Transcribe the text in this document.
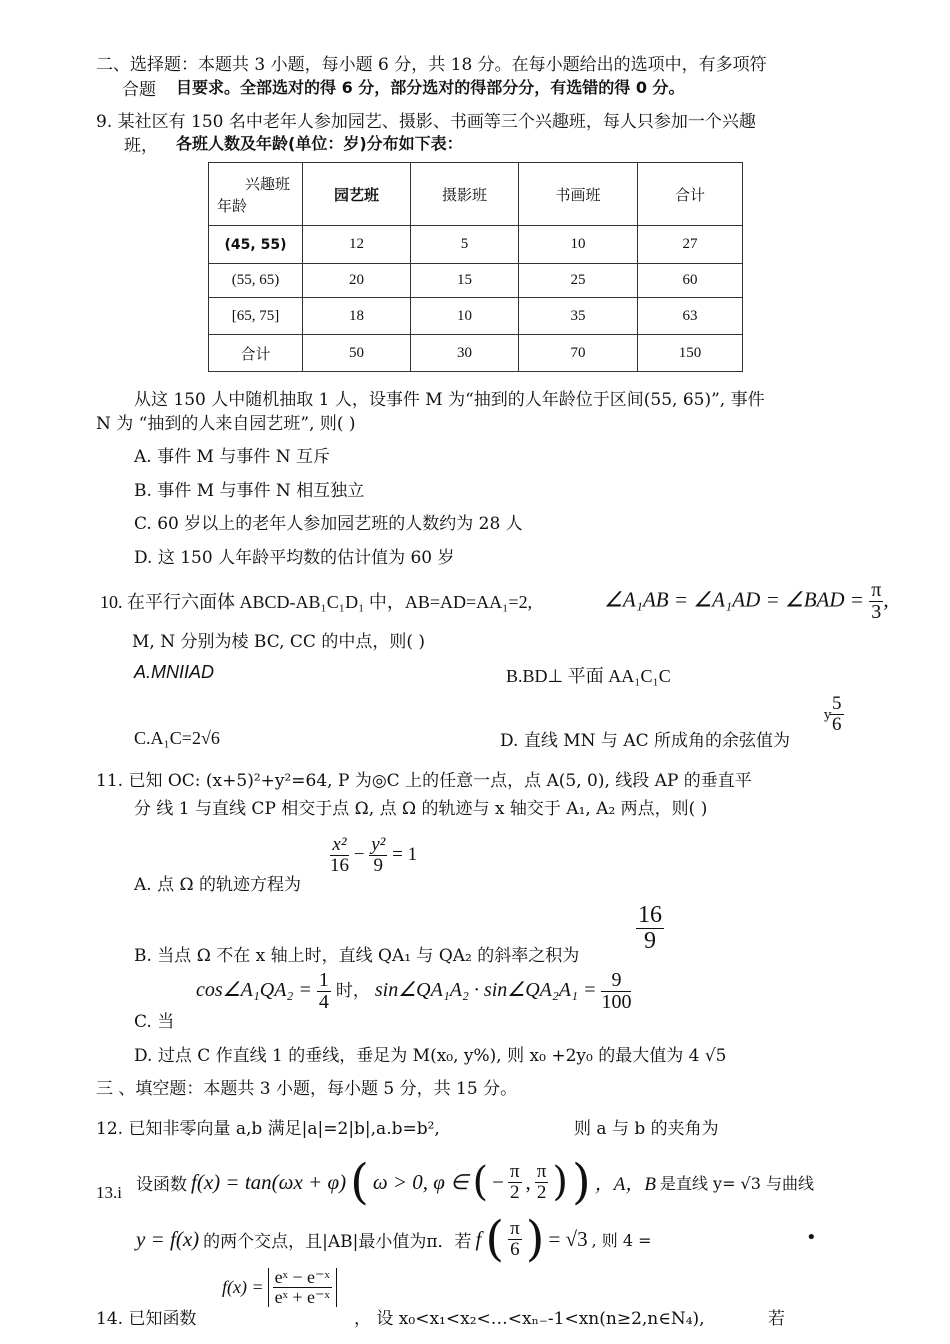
二、选择题：本题共 3 小题，每小题 6 分，共 18 分。在每小题给出的选项中，有多项符
合题 目要求。全部选对的得 6 分，部分选对的得部分分，有选错的得 0 分。
9. 某社区有 150 名中老年人参加园艺、摄影、书画等三个兴趣班，每人只参加一个兴趣
班， 各班人数及年龄(单位：岁)分布如下表：
兴趣班
年龄	园艺班	摄影班	书画班	合计
(45, 55)	12	5	10	27
(55, 65)	20	15	25	60
[65, 75]	18	10	35	63
合计	50	30	70	150
从这 150 人中随机抽取 1 人，设事件 M 为“抽到的人年龄位于区间(55, 65)”, 事件
N 为 “抽到的人来自园艺班”, 则( )
A. 事件 M 与事件 N 互斥
B. 事件 M 与事件 N 相互独立
C. 60 岁以上的老年人参加园艺班的人数约为 28 人
D. 这 150 人年龄平均数的估计值为 60 岁
10. 在平行六面体 ABCD-AB₁C₁D₁ 中，AB=AD=AA₁=2,	∠A₁AB = ∠A₁AD = ∠BAD = $\frac{\pi}{3}$ ,
M, N 分别为棱 BC, CC 的中点，则( )
A.MNIIAD	B.BD⊥ 平面 AA₁C₁C
C.A₁C=2√6	D. 直线 MN 与 AC 所成角的余弦值为
y
$\frac{5}{6}$
11. 已知 OC: (x+5)²+y²=64, P 为◎C 上的任意一点，点 A(5, 0), 线段 AP 的垂直平
分 线 1 与直线 CP 相交于点 Ω, 点 Ω 的轨迹与 x 轴交于 A₁, A₂ 两点，则( )
A. 点 Ω 的轨迹方程为
$\frac{\text{x²}}{16} - \frac{\text{y²}}{9} = 1$
B. 当点 Ω 不在 x 轴上时，直线 QA₁ 与 QA₂ 的斜率之积为
$\frac{16}{9}$
C. 当
cos∠A₁QA₂ = $\frac{1}{4}$ 时， sin∠QA₁A₂ · sin∠QA₂A₁ = $\frac{9}{100}$
D. 过点 C 作直线 1 的垂线，垂足为 M(x₀, y%), 则 x₀ +2y₀ 的最大值为 4 √5
三 、填空题：本题共 3 小题，每小题 5 分，共 15 分。
12. 已知非零向量 a,b 满足|a|=2|b|,a.b=b²,	则 a 与 b 的夹角为
13.i 设函数 f(x) = tan(ωx + φ) ( ω > 0, φ ∈ ( − $\frac{\pi}{2}$ , $\frac{\pi}{2}$ ) ) ，A，B 是直线 y= √3 与曲线
y = f(x) 的两个交点，且|AB|最小值为π．若 f ( $\frac{\pi}{6}$ ) = √3 , 则 4 =	•
14. 已知函数
$f(x) = \frac{\text{eˣ − e⁻ˣ}}{\text{eˣ + e⁻ˣ}}$
， 设 x₀<x₁<x₂<…<xₙ₋-1<xn(n≥2,n∈N₄),	若
